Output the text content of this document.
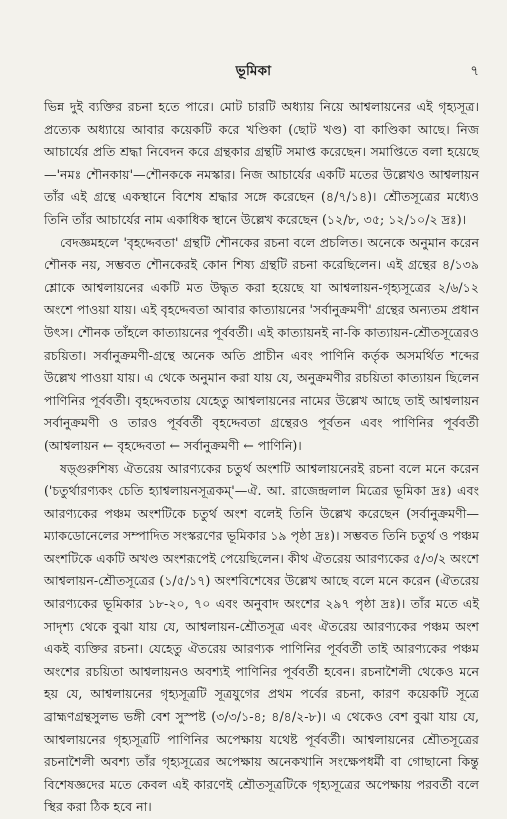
ভূমিকা	৭

ভিন্ন দুই ব্যক্তির রচনা হতে পারে। মোট চারটি অধ্যায় নিয়ে আশ্বলায়নের এই গৃহ্যসূত্র। প্রত্যেক অধ্যায়ে আবার কয়েকটি করে খণ্ডিকা (ছোট খণ্ড) বা কাণ্ডিকা আছে। নিজ আচার্যের প্রতি শ্রদ্ধা নিবেদন করে গ্রন্থকার গ্রন্থটি সমাপ্ত করেছেন। সমাপ্তিতে বলা হয়েছে—'নমঃ শৌনকায়'—শৌনককে নমস্কার। নিজ আচার্যের একটি মতের উল্লেখও আশ্বলায়ন তাঁর এই গ্রন্থে একস্থানে বিশেষ শ্রদ্ধার সঙ্গে করেছেন (৪/৭/১৪)। শ্রৌতসূত্রের মধ্যেও তিনি তাঁর আচার্যের নাম একাধিক স্থানে উল্লেখ করেছেন (১২/৮, ৩৫; ১২/১০/২ দ্রঃ)।

বেদজ্ঞমহলে 'বৃহদ্দেবতা' গ্রন্থটি শৌনকের রচনা বলে প্রচলিত। অনেকে অনুমান করেন শৌনক নয়, সম্ভবত শৌনকেরই কোন শিষ্য গ্রন্থটি রচনা করেছিলেন। এই গ্রন্থের ৪/১৩৯ শ্লোকে আশ্বলায়নের একটি মত উদ্ধৃত করা হয়েছে যা আশ্বলায়ন-গৃহ্যসূত্রের ২/৬/১২ অংশে পাওয়া যায়। এই বৃহদ্দেবতা আবার কাত্যায়নের 'সর্বানুক্রমণী' গ্রন্থের অন্যতম প্রধান উৎস। শৌনক তাঁহলে কাত্যায়নের পূর্ববর্তী। এই কাত্যায়নই না-কি কাত্যায়ন-শ্রৌতসূত্রেরও রচয়িতা। সর্বানুক্রমণী-গ্রন্থে অনেক অতি প্রাচীন এবং পাণিনি কর্তৃক অসমর্থিত শব্দের উল্লেখ পাওয়া যায়। এ থেকে অনুমান করা যায় যে, অনুক্রমণীর রচয়িতা কাত্যায়ন ছিলেন পাণিনির পূর্ববর্তী। বৃহদ্দেবতায় যেহেতু আশ্বলায়নের নামের উল্লেখ আছে তাই আশ্বলায়ন সর্বানুক্রমণী ও তারও পূর্ববর্তী বৃহদ্দেবতা গ্রন্থেরও পূর্বতন এবং পাণিনির পূর্ববর্তী (আশ্বলায়ন ← বৃহদ্দেবতা ← সর্বানুক্রমণী ← পাণিনি)।

ষড়্গুরুশিষ্য ঐতরেয় আরণ্যকের চতুর্থ অংশটি আশ্বলায়নেরই রচনা বলে মনে করেন ('চতুর্থারণ্যকং চেতি হ্যাশ্বলায়নসূত্রকম্'—ঐ. আ. রাজেন্দ্রলাল মিত্রের ভূমিকা দ্রঃ) এবং আরণ্যকের পঞ্চম অংশটিকে চতুর্থ অংশ বলেই তিনি উল্লেখ করেছেন (সর্বানুক্রমণী—ম্যাকডোনেলের সম্পাদিত সংস্করণের ভূমিকার ১৯ পৃষ্ঠা দ্রঃ)। সম্ভবত তিনি চতুর্থ ও পঞ্চম অংশটিকে একটি অখণ্ড অংশরূপেই পেয়েছিলেন। কীথ ঐতরেয় আরণ্যকের ৫/৩/২ অংশে আশ্বলায়ন-শ্রৌতসূত্রের (১/৫/১৭) অংশবিশেষের উল্লেখ আছে বলে মনে করেন (ঐতরেয় আরণ্যকের ভূমিকার ১৮-২০, ৭০ এবং অনুবাদ অংশের ২৯৭ পৃষ্ঠা দ্রঃ)। তাঁর মতে এই সাদৃশ্য থেকে বুঝা যায় যে, আশ্বলায়ন-শ্রৌতসূত্র এবং ঐতরেয় আরণ্যকের পঞ্চম অংশ একই ব্যক্তির রচনা। যেহেতু ঐতরেয় আরণ্যক পাণিনির পূর্ববর্তী তাই আরণ্যকের পঞ্চম অংশের রচয়িতা আশ্বলায়নও অবশ্যই পাণিনির পূর্ববর্তী হবেন। রচনাশৈলী থেকেও মনে হয় যে, আশ্বলায়নের গৃহ্যসূত্রটি সূত্রযুগের প্রথম পর্বের রচনা, কারণ কয়েকটি সূত্রে ব্রাহ্মণগ্রন্থসুলভ ভঙ্গী বেশ সুস্পষ্ট (৩/৩/১-৪; ৪/৪/২-৮)। এ থেকেও বেশ বুঝা যায় যে, আশ্বলায়নের গৃহ্যসূত্রটি পাণিনির অপেক্ষায় যথেষ্ট পূর্ববর্তী। আশ্বলায়নের শ্রৌতসূত্রের রচনাশৈলী অবশ্য তাঁর গৃহ্যসূত্রের অপেক্ষায় অনেকখানি সংক্ষেপধর্মী বা গোছানো কিন্তু বিশেষজ্ঞদের মতে কেবল এই কারণেই শ্রৌতসূত্রটিকে গৃহ্যসূত্রের অপেক্ষায় পরবর্তী বলে স্থির করা ঠিক হবে না।
